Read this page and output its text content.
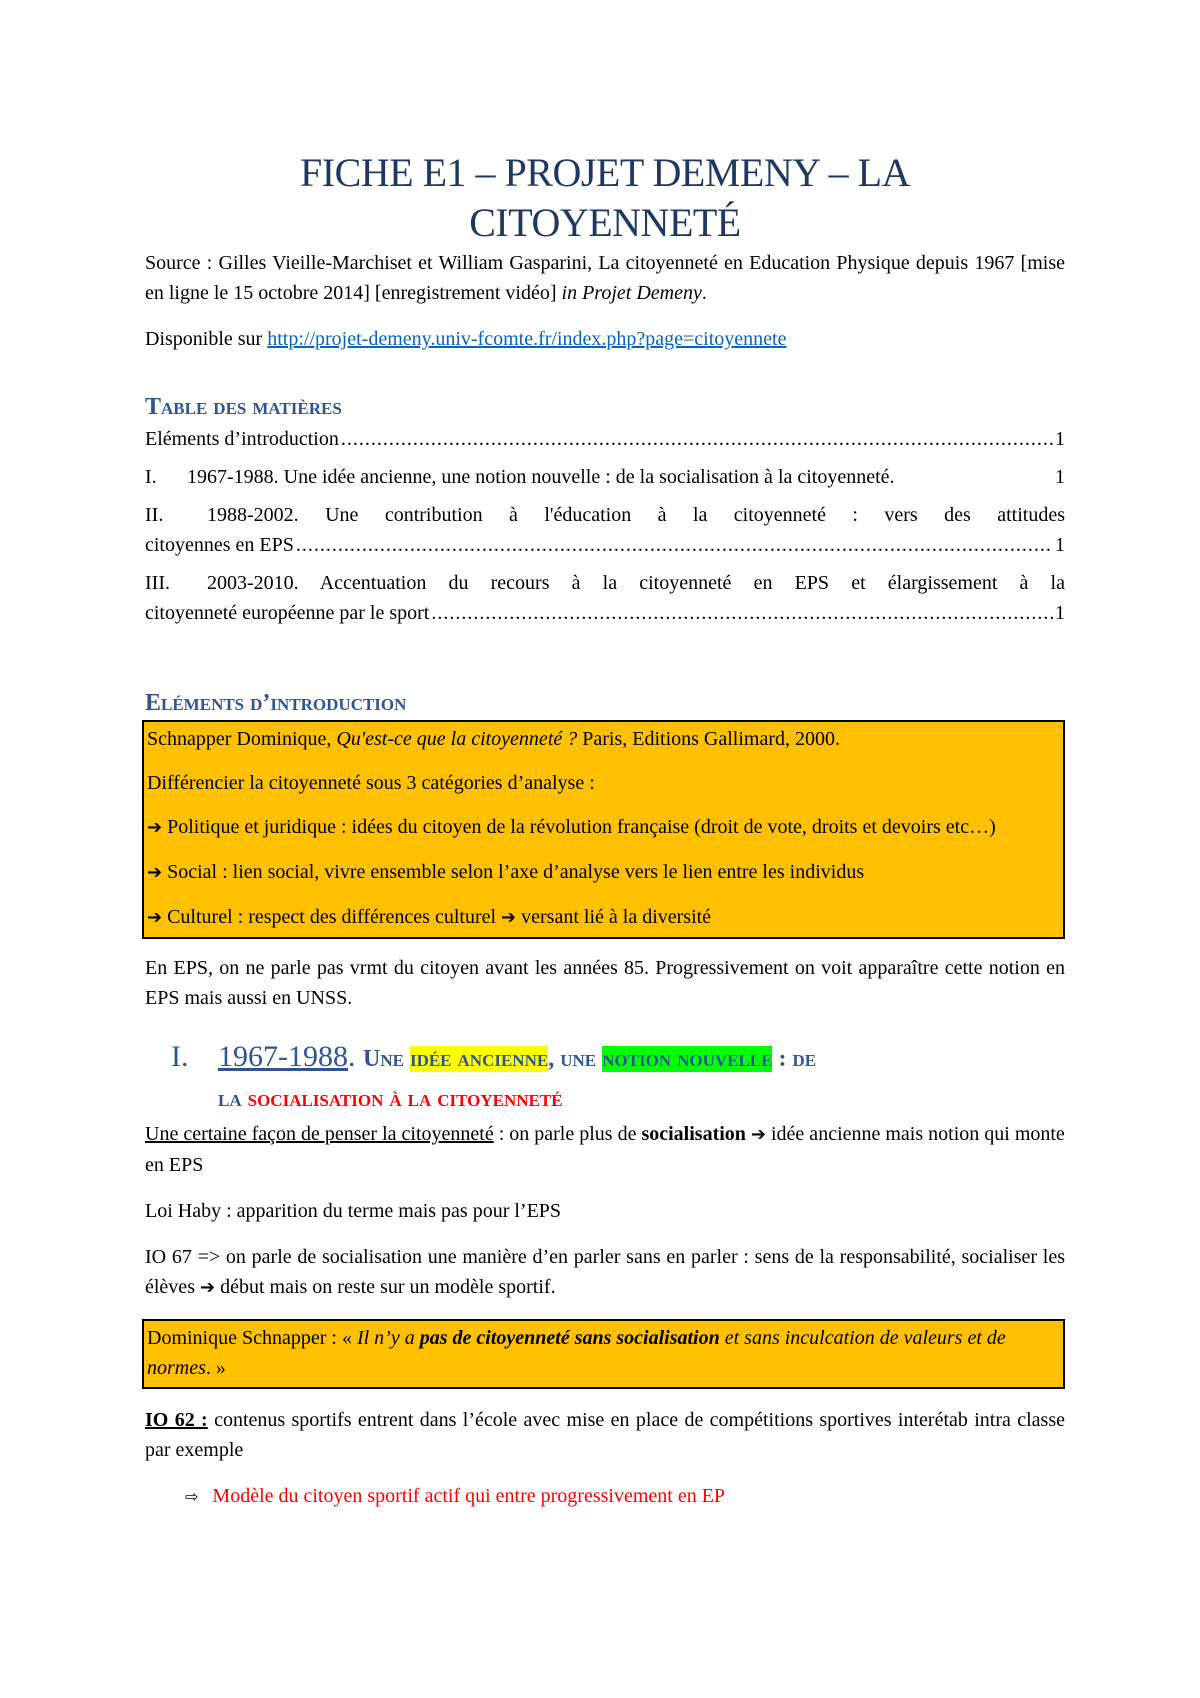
FICHE E1 – PROJET DEMENY – LA
CITOYENNETÉ

Source : Gilles Vieille-Marchiset et William Gasparini, La citoyenneté en Education Physique depuis 1967 [mise en ligne le 15 octobre 2014] [enregistrement vidéo] in Projet Demeny.

Disponible sur http://projet-demeny.univ-fcomte.fr/index.php?page=citoyennete

Table des matières
Eléments d’introduction .....	1
I.	1967-1988. Une idée ancienne, une notion nouvelle : de la socialisation à la citoyenneté.	1
II.	1988-2002. Une contribution à l'éducation à la citoyenneté : vers des attitudes
citoyennes en EPS .....	1
III.	2003-2010. Accentuation du recours à la citoyenneté en EPS et élargissement à la
citoyenneté européenne par le sport .....	1
Eléments d’introduction

Schnapper Dominique, Qu'est-ce que la citoyenneté ? Paris, Editions Gallimard, 2000.

Différencier la citoyenneté sous 3 catégories d’analyse :

➔ Politique et juridique : idées du citoyen de la révolution française (droit de vote, droits et devoirs etc…)

➔ Social : lien social, vivre ensemble selon l’axe d’analyse vers le lien entre les individus

➔ Culturel : respect des différences culturel ➔ versant lié à la diversité

En EPS, on ne parle pas vrmt du citoyen avant les années 85. Progressivement on voit apparaître cette notion en EPS mais aussi en UNSS.

I. 1967-1988. Une idée ancienne, une notion nouvelle : de
la socialisation à la citoyenneté

Une certaine façon de penser la citoyenneté : on parle plus de socialisation ➔ idée ancienne mais notion qui monte en EPS

Loi Haby : apparition du terme mais pas pour l’EPS

IO 67 => on parle de socialisation une manière d’en parler sans en parler : sens de la responsabilité, socialiser les élèves ➔ début mais on reste sur un modèle sportif.

Dominique Schnapper : « Il n’y a pas de citoyenneté sans socialisation et sans inculcation de valeurs et de normes. »

IO 62 : contenus sportifs entrent dans l’école avec mise en place de compétitions sportives interétab intra classe par exemple

⇨ Modèle du citoyen sportif actif qui entre progressivement en EP
